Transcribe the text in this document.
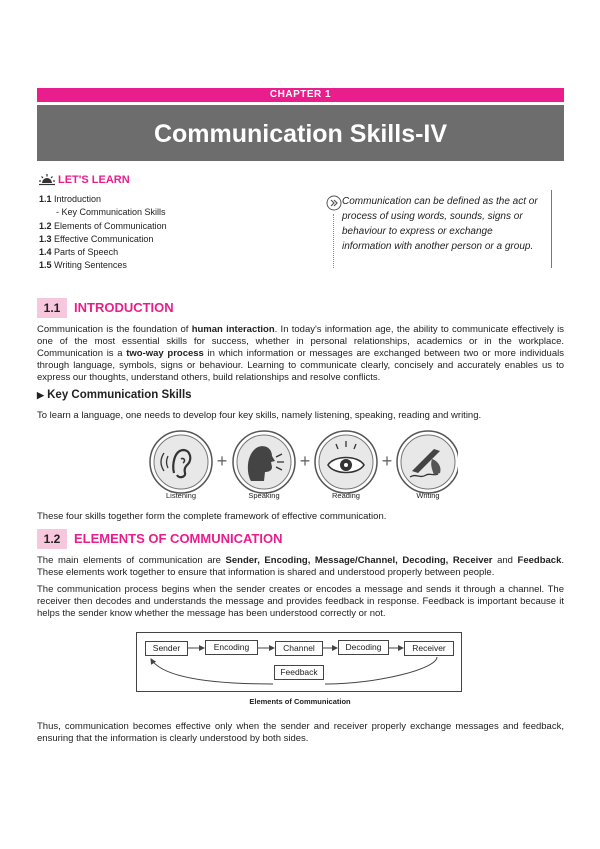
CHAPTER 1
Communication Skills-IV
LET'S LEARN
1.1 Introduction
- Key Communication Skills
1.2 Elements of Communication
1.3 Effective Communication
1.4 Parts of Speech
1.5 Writing Sentences
Communication can be defined as the act or process of using words, sounds, signs or behaviour to express or exchange information with another person or a group.
1.1	INTRODUCTION
Communication is the foundation of human interaction. In today's information age, the ability to communicate effectively is one of the most essential skills for success, whether in personal relationships, academics or in the workplace. Communication is a two-way process in which information or messages are exchanged between two or more individuals through language, symbols, signs or behaviour. Learning to communicate clearly, concisely and accurately enables us to express our thoughts, understand others, build relationships and resolve conflicts.
▶ Key Communication Skills
To learn a language, one needs to develop four key skills, namely listening, speaking, reading and writing.
+	+	+
Listening	Speaking	Reading	Writing
These four skills together form the complete framework of effective communication.
1.2	ELEMENTS OF COMMUNICATION
The main elements of communication are Sender, Encoding, Message/Channel, Decoding, Receiver and Feedback. These elements work together to ensure that information is shared and understood properly between people.
The communication process begins when the sender creates or encodes a message and sends it through a channel. The receiver then decodes and understands the message and provides feedback in response. Feedback is important because it helps the sender know whether the message has been understood correctly or not.
Sender	Encoding	Channel	Decoding	Receiver
Feedback
Elements of Communication
Thus, communication becomes effective only when the sender and receiver properly exchange messages and feedback, ensuring that the information is clearly understood by both sides.
